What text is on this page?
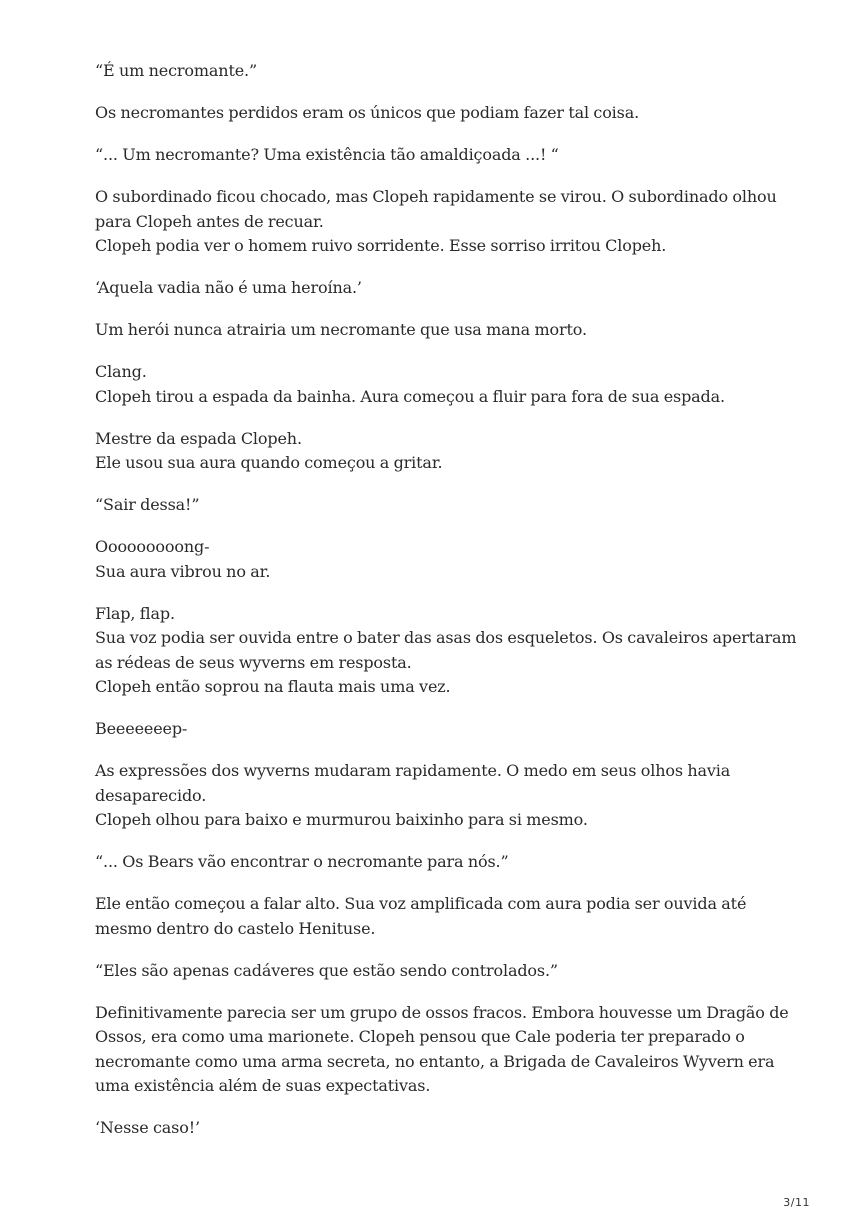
“É um necromante.”

Os necromantes perdidos eram os únicos que podiam fazer tal coisa.

“... Um necromante? Uma existência tão amaldiçoada ...! “

O subordinado ficou chocado, mas Clopeh rapidamente se virou. O subordinado olhou
para Clopeh antes de recuar.
Clopeh podia ver o homem ruivo sorridente. Esse sorriso irritou Clopeh.

‘Aquela vadia não é uma heroína.’

Um herói nunca atrairia um necromante que usa mana morto.

Clang.
Clopeh tirou a espada da bainha. Aura começou a fluir para fora de sua espada.

Mestre da espada Clopeh.
Ele usou sua aura quando começou a gritar.

“Sair dessa!”

Ooooooooong-
Sua aura vibrou no ar.

Flap, flap.
Sua voz podia ser ouvida entre o bater das asas dos esqueletos. Os cavaleiros apertaram
as rédeas de seus wyverns em resposta.
Clopeh então soprou na flauta mais uma vez.

Beeeeeeep-

As expressões dos wyverns mudaram rapidamente. O medo em seus olhos havia
desaparecido.
Clopeh olhou para baixo e murmurou baixinho para si mesmo.

“... Os Bears vão encontrar o necromante para nós.”

Ele então começou a falar alto. Sua voz amplificada com aura podia ser ouvida até
mesmo dentro do castelo Henituse.

“Eles são apenas cadáveres que estão sendo controlados.”

Definitivamente parecia ser um grupo de ossos fracos. Embora houvesse um Dragão de
Ossos, era como uma marionete. Clopeh pensou que Cale poderia ter preparado o
necromante como uma arma secreta, no entanto, a Brigada de Cavaleiros Wyvern era
uma existência além de suas expectativas.

‘Nesse caso!’

3/11
